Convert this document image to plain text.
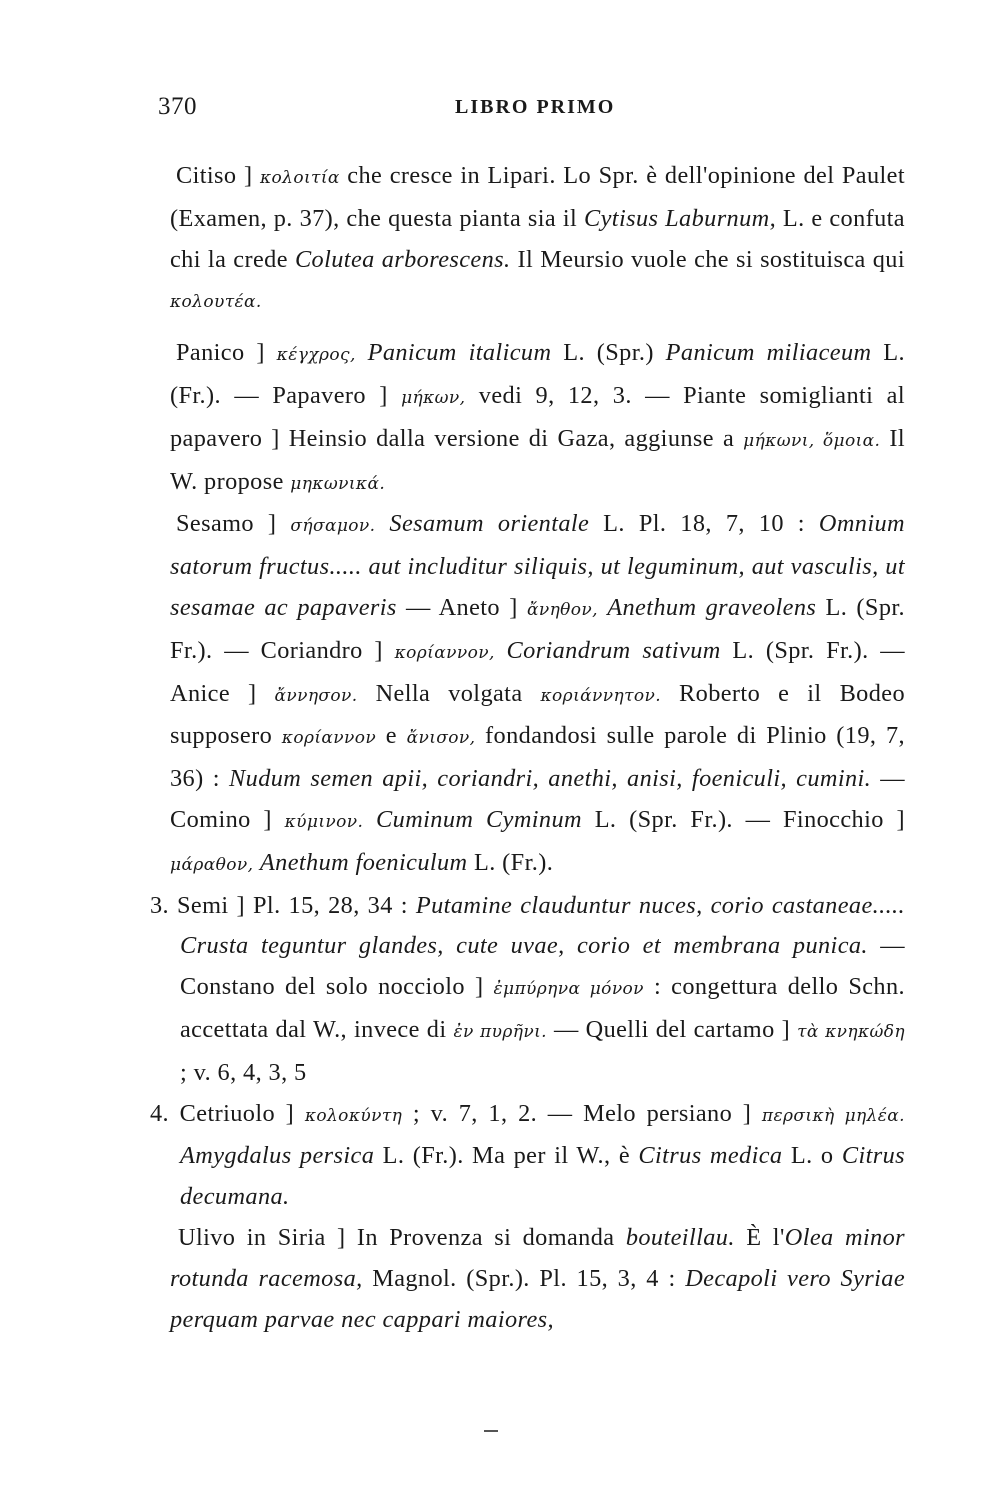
370	LIBRO PRIMO

Citiso ] κολοιτία che cresce in Lipari. Lo Spr. è dell'opinione del Paulet (Examen, p. 37), che questa pianta sia il Cytisus Laburnum, L. e confuta chi la crede Colutea arborescens. Il Meursio vuole che si sostituisca qui κολουτέα.

Panico ] κέγχρος, Panicum italicum L. (Spr.) Panicum miliaceum L. (Fr.). — Papavero ] μήκων, vedi 9, 12, 3. — Piante somiglianti al papavero ] Heinsio dalla versione di Gaza, aggiunse a μήκωνι, ὅμοια. Il W. propose μηκωνικά.

Sesamo ] σήσαμον. Sesamum orientale L. Pl. 18, 7, 10 : Omnium satorum fructus..... aut includitur siliquis, ut leguminum, aut vasculis, ut sesamae ac papaveris — Aneto ] ἄνηθον, Anethum graveolens L. (Spr. Fr.). — Coriandro ] κορίαννον, Coriandrum sativum L. (Spr. Fr.). — Anice ] ἄννησον. Nella volgata κοριάννητον. Roberto e il Bodeo supposero κορίαννον e ἄνισον, fondandosi sulle parole di Plinio (19, 7, 36) : Nudum semen apii, coriandri, anethi, anisi, foeniculi, cumini. — Comino ] κύμινον. Cuminum Cyminum L. (Spr. Fr.). — Finocchio ] μάραθον, Anethum foeniculum L. (Fr.).

3. Semi ] Pl. 15, 28, 34 : Putamine clauduntur nuces, corio castaneae..... Crusta teguntur glandes, cute uvae, corio et membrana punica. — Constano del solo nocciolo ] ἐμπύρηνα μόνον : congettura dello Schn. accettata dal W., invece di ἐν πυρῆνι. — Quelli del cartamo ] τὰ κνηκώδη ; v. 6, 4, 3, 5

4. Cetriuolo ] κολοκύντη ; v. 7, 1, 2. — Melo persiano ] περσικὴ μηλέα. Amygdalus persica L. (Fr.). Ma per il W., è Citrus medica L. o Citrus decumana.

Ulivo in Siria ] In Provenza si domanda bouteillau. È l'Olea minor rotunda racemosa, Magnol. (Spr.). Pl. 15, 3, 4 : Decapoli vero Syriae perquam parvae nec cappari maiores,
